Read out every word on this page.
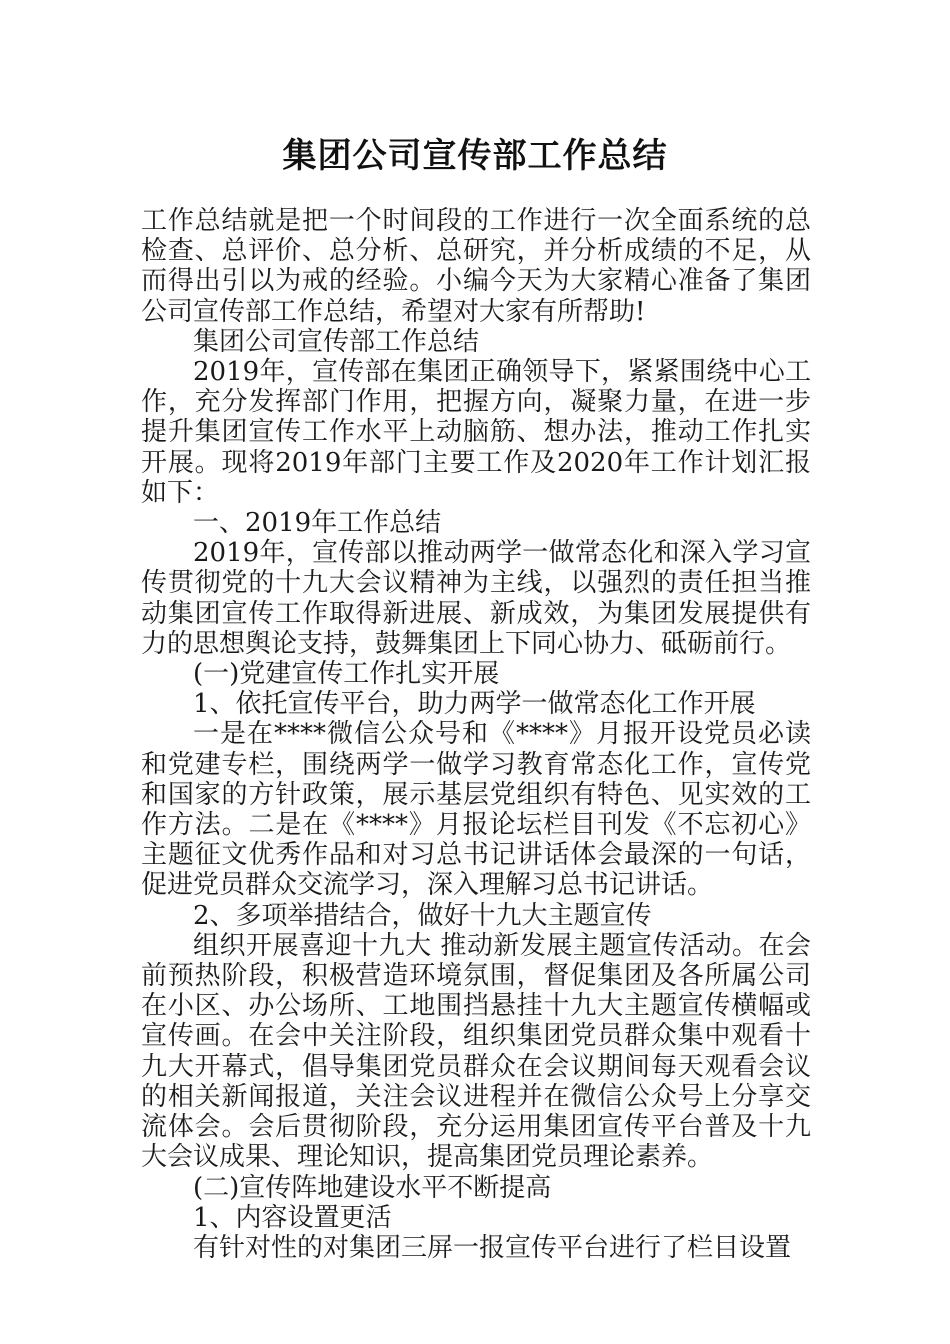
集团公司宣传部工作总结

工作总结就是把一个时间段的工作进行一次全面系统的总检查、总评价、总分析、总研究，并分析成绩的不足，从而得出引以为戒的经验。小编今天为大家精心准备了集团公司宣传部工作总结，希望对大家有所帮助!

集团公司宣传部工作总结

2019年，宣传部在集团正确领导下，紧紧围绕中心工作，充分发挥部门作用，把握方向，凝聚力量，在进一步提升集团宣传工作水平上动脑筋、想办法，推动工作扎实开展。现将2019年部门主要工作及2020年工作计划汇报如下：

一、2019年工作总结

2019年，宣传部以推动两学一做常态化和深入学习宣传贯彻党的十九大会议精神为主线，以强烈的责任担当推动集团宣传工作取得新进展、新成效，为集团发展提供有力的思想舆论支持，鼓舞集团上下同心协力、砥砺前行。

(一)党建宣传工作扎实开展

1、依托宣传平台，助力两学一做常态化工作开展

一是在****微信公众号和《****》月报开设党员必读和党建专栏，围绕两学一做学习教育常态化工作，宣传党和国家的方针政策，展示基层党组织有特色、见实效的工作方法。二是在《****》月报论坛栏目刊发《不忘初心》主题征文优秀作品和对习总书记讲话体会最深的一句话，促进党员群众交流学习，深入理解习总书记讲话。

2、多项举措结合，做好十九大主题宣传

组织开展喜迎十九大 推动新发展主题宣传活动。在会前预热阶段，积极营造环境氛围，督促集团及各所属公司在小区、办公场所、工地围挡悬挂十九大主题宣传横幅或宣传画。在会中关注阶段，组织集团党员群众集中观看十九大开幕式，倡导集团党员群众在会议期间每天观看会议的相关新闻报道，关注会议进程并在微信公众号上分享交流体会。会后贯彻阶段，充分运用集团宣传平台普及十九大会议成果、理论知识，提高集团党员理论素养。

(二)宣传阵地建设水平不断提高

1、内容设置更活

有针对性的对集团三屏一报宣传平台进行了栏目设置
